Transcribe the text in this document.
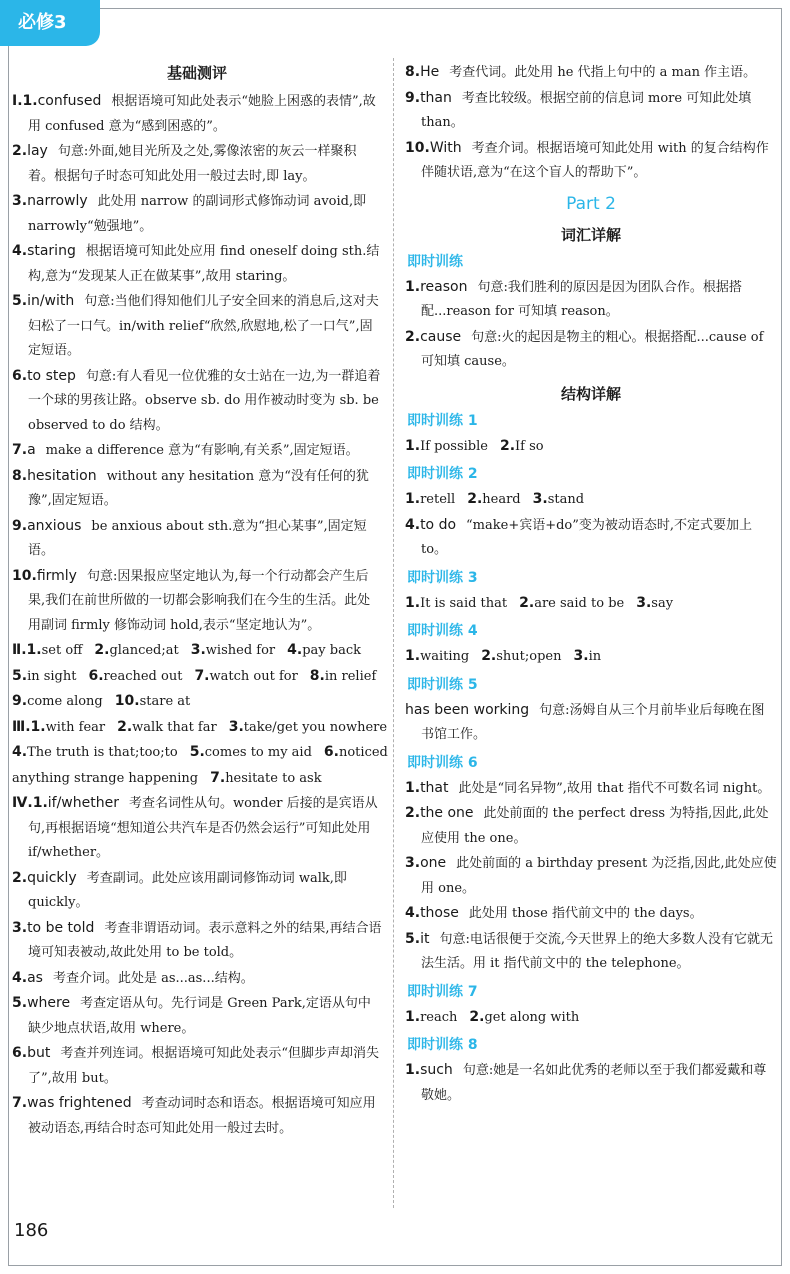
必修3
基础测评
Ⅰ.1.confused 根据语境可知此处表示“她脸上困惑的表情”,故用 confused 意为“感到困惑的”。
2.lay 句意:外面,她目光所及之处,雾像浓密的灰云一样聚积着。根据句子时态可知此处用一般过去时,即 lay。
3.narrowly 此处用 narrow 的副词形式修饰动词 avoid,即 narrowly“勉强地”。
4.staring 根据语境可知此处应用 find oneself doing sth.结构,意为“发现某人正在做某事”,故用 staring。
5.in/with 句意:当他们得知他们儿子安全回来的消息后,这对夫妇松了一口气。in/with relief“欣然,欣慰地,松了一口气”,固定短语。
6.to step 句意:有人看见一位优雅的女士站在一边,为一群追着一个球的男孩让路。observe sb. do 用作被动时变为 sb. be observed to do 结构。
7.a make a difference 意为“有影响,有关系”,固定短语。
8.hesitation without any hesitation 意为“没有任何的犹豫”,固定短语。
9.anxious be anxious about sth.意为“担心某事”,固定短语。
10.firmly 句意:因果报应坚定地认为,每一个行动都会产生后果,我们在前世所做的一切都会影响我们在今生的生活。此处用副词 firmly 修饰动词 hold,表示“坚定地认为”。
Ⅱ.1.set off 2.glanced;at 3.wished for 4.pay back
5.in sight 6.reached out 7.watch out for 8.in relief
9.come along 10.stare at
Ⅲ.1.with fear 2.walk that far 3.take/get you nowhere
4.The truth is that;too;to 5.comes to my aid 6.noticed
anything strange happening 7.hesitate to ask
Ⅳ.1.if/whether 考查名词性从句。wonder 后接的是宾语从句,再根据语境“想知道公共汽车是否仍然会运行”可知此处用 if/whether。
2.quickly 考查副词。此处应该用副词修饰动词 walk,即 quickly。
3.to be told 考查非谓语动词。表示意料之外的结果,再结合语境可知表被动,故此处用 to be told。
4.as 考查介词。此处是 as...as...结构。
5.where 考查定语从句。先行词是 Green Park,定语从句中缺少地点状语,故用 where。
6.but 考查并列连词。根据语境可知此处表示“但脚步声却消失了”,故用 but。
7.was frightened 考查动词时态和语态。根据语境可知应用被动语态,再结合时态可知此处用一般过去时。
8.He 考查代词。此处用 he 代指上句中的 a man 作主语。
9.than 考查比较级。根据空前的信息词 more 可知此处填 than。
10.With 考查介词。根据语境可知此处用 with 的复合结构作伴随状语,意为“在这个盲人的帮助下”。
Part 2
词汇详解
即时训练
1.reason 句意:我们胜利的原因是因为团队合作。根据搭配...reason for 可知填 reason。
2.cause 句意:火的起因是物主的粗心。根据搭配...cause of 可知填 cause。
结构详解
即时训练 1
1.If possible 2.If so
即时训练 2
1.retell 2.heard 3.stand
4.to do “make+宾语+do”变为被动语态时,不定式要加上 to。
即时训练 3
1.It is said that 2.are said to be 3.say
即时训练 4
1.waiting 2.shut;open 3.in
即时训练 5
has been working 句意:汤姆自从三个月前毕业后每晚在图书馆工作。
即时训练 6
1.that 此处是“同名异物”,故用 that 指代不可数名词 night。
2.the one 此处前面的 the perfect dress 为特指,因此,此处应使用 the one。
3.one 此处前面的 a birthday present 为泛指,因此,此处应使用 one。
4.those 此处用 those 指代前文中的 the days。
5.it 句意:电话很便于交流,今天世界上的绝大多数人没有它就无法生活。用 it 指代前文中的 the telephone。
即时训练 7
1.reach 2.get along with
即时训练 8
1.such 句意:她是一名如此优秀的老师以至于我们都爱戴和尊敬她。
186
